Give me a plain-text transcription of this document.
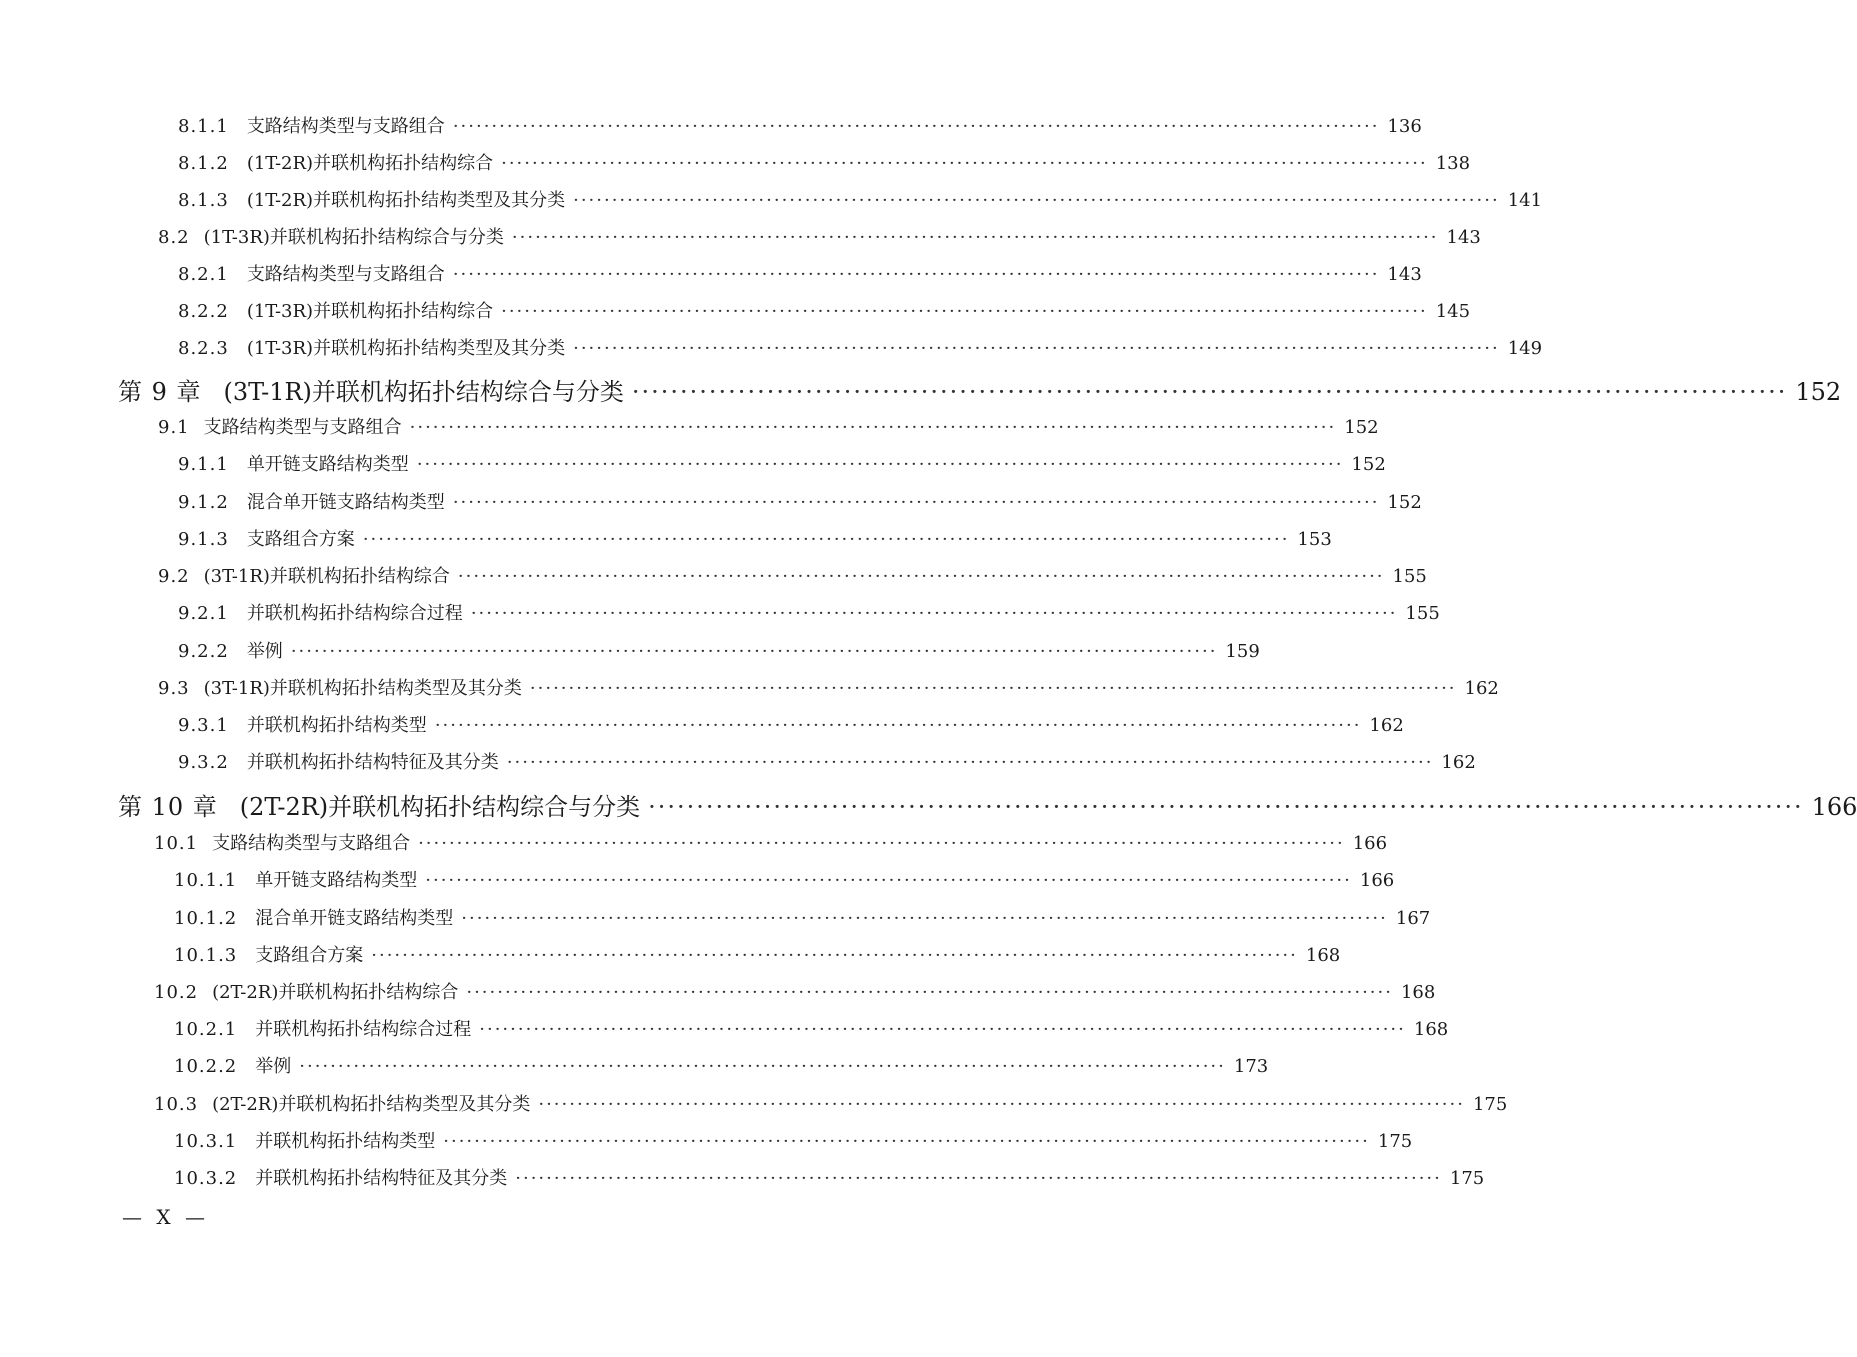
8.1.1 支路结构类型与支路组合 ························································································································ 136
8.1.2 (1T-2R)并联机构拓扑结构综合 ························································································································ 138
8.1.3 (1T-2R)并联机构拓扑结构类型及其分类 ························································································································ 141
8.2 (1T-3R)并联机构拓扑结构综合与分类 ························································································································ 143
8.2.1 支路结构类型与支路组合 ························································································································ 143
8.2.2 (1T-3R)并联机构拓扑结构综合 ························································································································ 145
8.2.3 (1T-3R)并联机构拓扑结构类型及其分类 ························································································································ 149
第 9 章 (3T-1R)并联机构拓扑结构综合与分类 ························································································································ 152
9.1 支路结构类型与支路组合 ························································································································ 152
9.1.1 单开链支路结构类型 ························································································································ 152
9.1.2 混合单开链支路结构类型 ························································································································ 152
9.1.3 支路组合方案 ························································································································ 153
9.2 (3T-1R)并联机构拓扑结构综合 ························································································································ 155
9.2.1 并联机构拓扑结构综合过程 ························································································································ 155
9.2.2 举例 ························································································································ 159
9.3 (3T-1R)并联机构拓扑结构类型及其分类 ························································································································ 162
9.3.1 并联机构拓扑结构类型 ························································································································ 162
9.3.2 并联机构拓扑结构特征及其分类 ························································································································ 162
第 10 章 (2T-2R)并联机构拓扑结构综合与分类 ························································································································ 166
10.1 支路结构类型与支路组合 ························································································································ 166
10.1.1 单开链支路结构类型 ························································································································ 166
10.1.2 混合单开链支路结构类型 ························································································································ 167
10.1.3 支路组合方案 ························································································································ 168
10.2 (2T-2R)并联机构拓扑结构综合 ························································································································ 168
10.2.1 并联机构拓扑结构综合过程 ························································································································ 168
10.2.2 举例 ························································································································ 173
10.3 (2T-2R)并联机构拓扑结构类型及其分类 ························································································································ 175
10.3.1 并联机构拓扑结构类型 ························································································································ 175
10.3.2 并联机构拓扑结构特征及其分类 ························································································································ 175
— X —
